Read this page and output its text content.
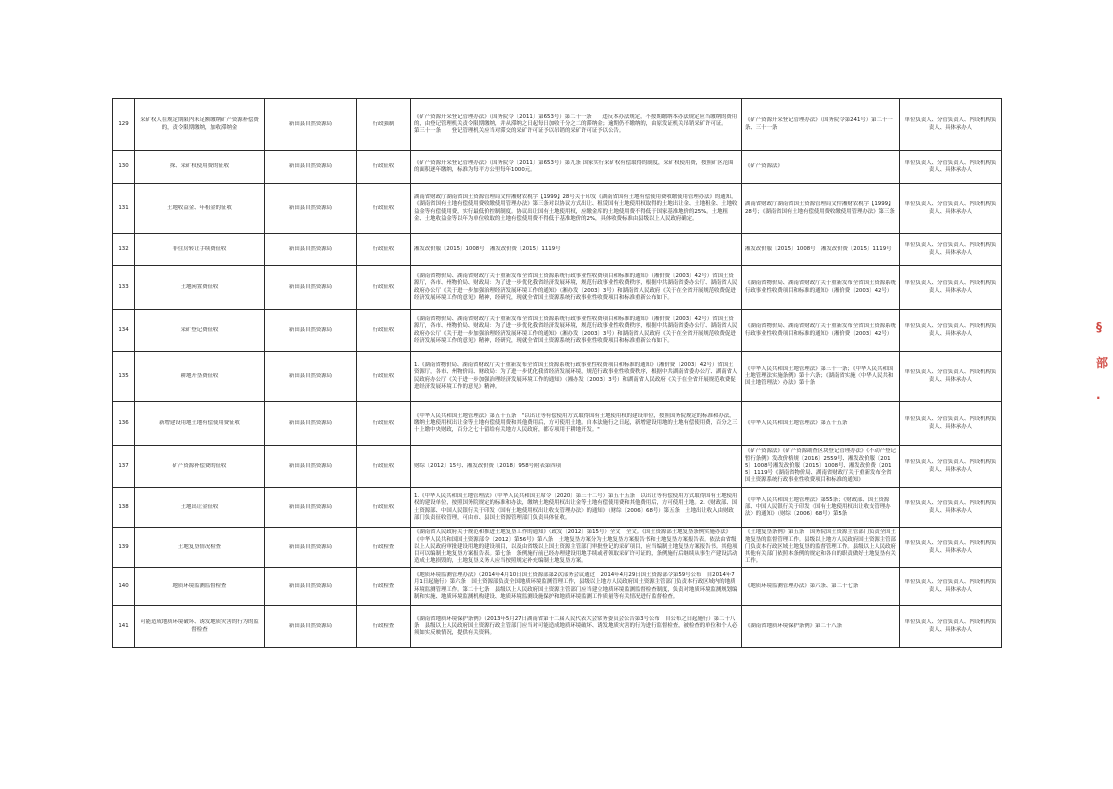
129	采矿权人在规定期限内未足额缴纳矿产资源补偿费的，责令限期缴纳，加收滞纳金	新田县自然资源局	行政强制	《矿产资源开采登记管理办法》（国务院令〔2011〕第653号）第二十一条　　违反本办法规定，不按期缴纳本办法规定应当缴纳的费用的，由登记管理机关责令限期缴纳，并从滞纳之日起每日加收千分之二的滞纳金；逾期仍不缴纳的，由原发证机关吊销采矿许可证。　　第三十一条　　登记管理机关应当对滞交的采矿许可证予以吊销的采矿许可证予以公告。	《矿产资源开采登记管理办法》（国务院令第241号）第二十一条、三十一条	单位负责人、分管负责人、内设机构负责人、具体承办人

130	探、采矿权使用费的征收	新田县自然资源局	行政征收	《矿产资源开采登记管理办法》（国务院令〔2011〕第653号）第九条 国家实行采矿权有偿取得的制度，采矿权使用费，按照矿区范围的面积逐年缴纳，标准为每平方公里每年1000元。	《矿产资源法》	单位负责人、分管负责人、内设机构负责人、具体承办人

131	土地收益金、年租金的征收	新田县自然资源局	行政征收	湖南省财政厅湖南省国土资源管理局文件湘财农税字【1999】28号关于印发《湖南省国有土地有偿使用费收缴使用管理办法》的通知，《湖南省国有土地有偿使用费收缴使用管理办法》第三条对以协议方式出让、租赁国有土地使用权取得的土地出让金、土地租金、土地收益金等有偿使用费，实行最低价控制制度。协议出让国有土地使用权，应缴金库的土地使用费不得低于国家基准地价的25%。土地租金、土地收益金等以年为单位收取的土地有偿使用费不得低于基准地价的2%，具体收费标准由县级以上人民政府确定。	湖南省财政厅湖南省国土资源管理局文件湘财农税字【1999】28号；《湖南省国有土地有偿使用费收缴使用管理办法》第三条	单位负责人、分管负责人、内设机构负责人、具体承办人

132	非住房转让手续费征收	新田县自然资源局	行政征收	湘发改价服〔2015〕1008号　湘发改价费〔2015〕1119号	湘发改价服〔2015〕1008号　湘发改价费〔2015〕1119号	单位负责人、分管负责人、内设机构负责人、具体承办人

133	土地闲置费征收	新田县自然资源局	行政征收	《湖南省物价局、湖南省财政厅关于重新发布全省国土资源系统行政事业性收费项目和标准的通知》（湘价费〔2003〕42号）省国土资源厅，各市、州物价局、财政局：为了进一步优化我省经济发展环境，规范行政事业性收费秩序，根据中共湖南省委办公厅、湖南省人民政府办公厅《关于进一步加强治理经济发展环境工作的通知》（湘办发〔2003〕3号）和湖南省人民政府《关于在全省开展规范收费促进经济发展环境工作的意见》精神，经研究，现就全省国土资源系统行政事业性收费项目和标准重新公布如下。	《湖南省物价局、湖南省财政厅关于重新发布全省国土资源系统行政事业性收费项目和标准的通知》（湘价费〔2003〕42号）	单位负责人、分管负责人、内设机构负责人、具体承办人

134	采矿登记费征收	新田县自然资源局	行政征收	《湖南省物价局、湖南省财政厅关于重新发布全省国土资源系统行政事业性收费项目和标准的通知》（湘价费〔2003〕42号）省国土资源厅，各市、州物价局、财政局：为了进一步优化我省经济发展环境，规范行政事业性收费秩序，根据中共湖南省委办公厅、湖南省人民政府办公厅《关于进一步加强治理经济发展环境工作的通知》（湘办发〔2003〕3号）和湖南省人民政府《关于在全省开展规范收费促进经济发展环境工作的意见》精神，经研究，现就全省国土资源系统行政事业性收费项目和标准重新公布如下。	《湖南省物价局、湖南省财政厅关于重新发布全省国土资源系统行政事业性收费项目和标准的通知》（湘价费〔2003〕42号）	单位负责人、分管负责人、内设机构负责人、具体承办人

135	耕地开垦费征收	新田县自然资源局	行政征收	1.《湖南省物价局、湖南省财政厅关于重新发布全省国土资源系统行政事业性收费项目和标准的通知》（湘价费〔2003〕42号）省国土资源厅，各市、州物价局、财政局：为了进一步优化我省经济发展环境，规范行政事业性收费秩序，根据中共湖南省委办公厅、湖南省人民政府办公厅《关于进一步加强治理经济发展环境工作的通知》（湘办发〔2003〕3号）和湖南省人民政府《关于在全省开展规范收费促进经济发展环境工作的意见》精神。	《中华人民共和国土地管理法》第三十一条；《中华人民共和国土地管理法实施条例》第十六条；《湖南省实施〈中华人民共和国土地管理法〉办法》第十条	单位负责人、分管负责人、内设机构负责人、具体承办人

136	新增建设用地土地有偿使用费征收	新田县自然资源局	行政征收	《中华人民共和国土地管理法》第五十五条　"以出让等有偿使用方式取得国有土地使用权的建设单位，按照国务院规定的标准和办法，缴纳土地使用权出让金等土地有偿使用费和其他费用后，方可使用土地。自本法施行之日起，新增建设用地的土地有偿使用费，百分之三十上缴中央财政，百分之七十留给有关地方人民政府，都专项用于耕地开发。"	《中华人民共和国土地管理法》第五十五条	单位负责人、分管负责人、内设机构负责人、具体承办人

137	矿产资源补偿费的征收	新田县自然资源局	行政征收	财综〔2012〕15号、湘发改价费〔2018〕958号附表第四项	《矿产资源法》《矿产资源勘查区块登记管理办法》《不动产登记暂行条例》发改价格规〔2016〕2559号、湘发改价服〔2015〕1008号湘发改价服〔2015〕1008号、湘发改价费〔2015〕1119号《湖南省物价局、湖南省财政厅关于重新发布全省国土资源系统行政事业性收费项目和标准的通知》	单位负责人、分管负责人、内设机构负责人、具体承办人

138	土地出让金征收	新田县自然资源局	行政征收	1.《中华人民共和国土地管理法》（中华人民共和国主席令〔2020〕第三十二号）第五十五条　以出让等有偿使用方式取得国有土地使用权的建设单位，按照国务院规定的标准和办法，缴纳土地使用权出让金等土地有偿使用费和其他费用后，方可使用土地。2.《财政部、国土资源部、中国人民银行关于印发〈国有土地使用权出让收支管理办法〉的通知》（财综〔2006〕68号）第五条　土地出让收入由财政部门负责征收管理，可由市、县国土资源管理部门负责具体征收。	《中华人民共和国土地管理法》第55条；《财政部、国土资源部、中国人民银行关于印发〈国有土地使用权出让收支管理办法〉的通知》（财综〔2006〕68号）第5条	单位负责人、分管负责人、内设机构负责人、具体承办人

139	土地复垦情况检查	新田县自然资源局	行政检查	《湖南省人民政府关于规范和推进土地复垦工作的通知》（政发〔2012〕第15号）全文　全文。《国土资源部土地复垦条例实施办法》《中华人民共和国国土资源部令〔2012〕第56号》第八条　土地复垦方案分为土地复垦方案报告书和土地复垦方案报告表。依法由省级以上人民政府审批建设用地的建设项目，以及由省级以上国土资源主管部门审批登记的采矿项目，应当编制土地复垦方案报告书。其他项目可以编制土地复垦方案报告表。第七条　条例施行前已经办理建设用地手续或者领取采矿许可证的，条例施行后继续从事生产建设活动造成土地损毁的，土地复垦义务人应当按照规定补充编制土地复垦方案。	《土地复垦条例》第五条　国务院国土资源主管部门负责全国土地复垦的监督管理工作。县级以上地方人民政府国土资源主管部门负责本行政区域土地复垦的监督管理工作。县级以上人民政府其他有关部门依照本条例的规定和各自的职责做好土地复垦有关工作。	单位负责人、分管负责人、内设机构负责人、具体承办人

140	地质环境监测监督检查	新田县自然资源局	行政检查	《地质环境监测管理办法》（2014年4月10日国土资源部第2次部务会议通过　2014年4月29日国土资源部令第59号公布　自2014年7月1日起施行）第六条　国土资源部负责全国地质环境监测管理工作，县级以上地方人民政府国土资源主管部门负责本行政区域内的地质环境监测管理工作。第二十七条　县级以上人民政府国土资源主管部门应当建立地质环境监测监督检查制度，负责对地质环境监测规划编制和实施、地质环境监测机构建设、地质环境监测设施保护和地质环境监测工作质量等有关情况进行监督检查。	《地质环境监测管理办法》第六条、第二十七条	单位负责人、分管负责人、内设机构负责人、具体承办人

141	可能造成地质环境破坏、诱发地质灾害的行为的监督检查	新田县自然资源局	行政检查	《湖南省地质环境保护条例》（2013年5月27日湖南省第十二届人民代表大会常务委员会公告第3号公布　自公布之日起施行）第二十八条　县级以上人民政府国土资源行政主管部门应当对可能造成地质环境破坏、诱发地质灾害的行为进行监督检查，被检查的单位和个人必须如实反映情况，提供有关资料。	《湖南省地质环境保护条例》第二十八条	单位负责人、分管负责人、内设机构负责人、具体承办人
§
部
·
